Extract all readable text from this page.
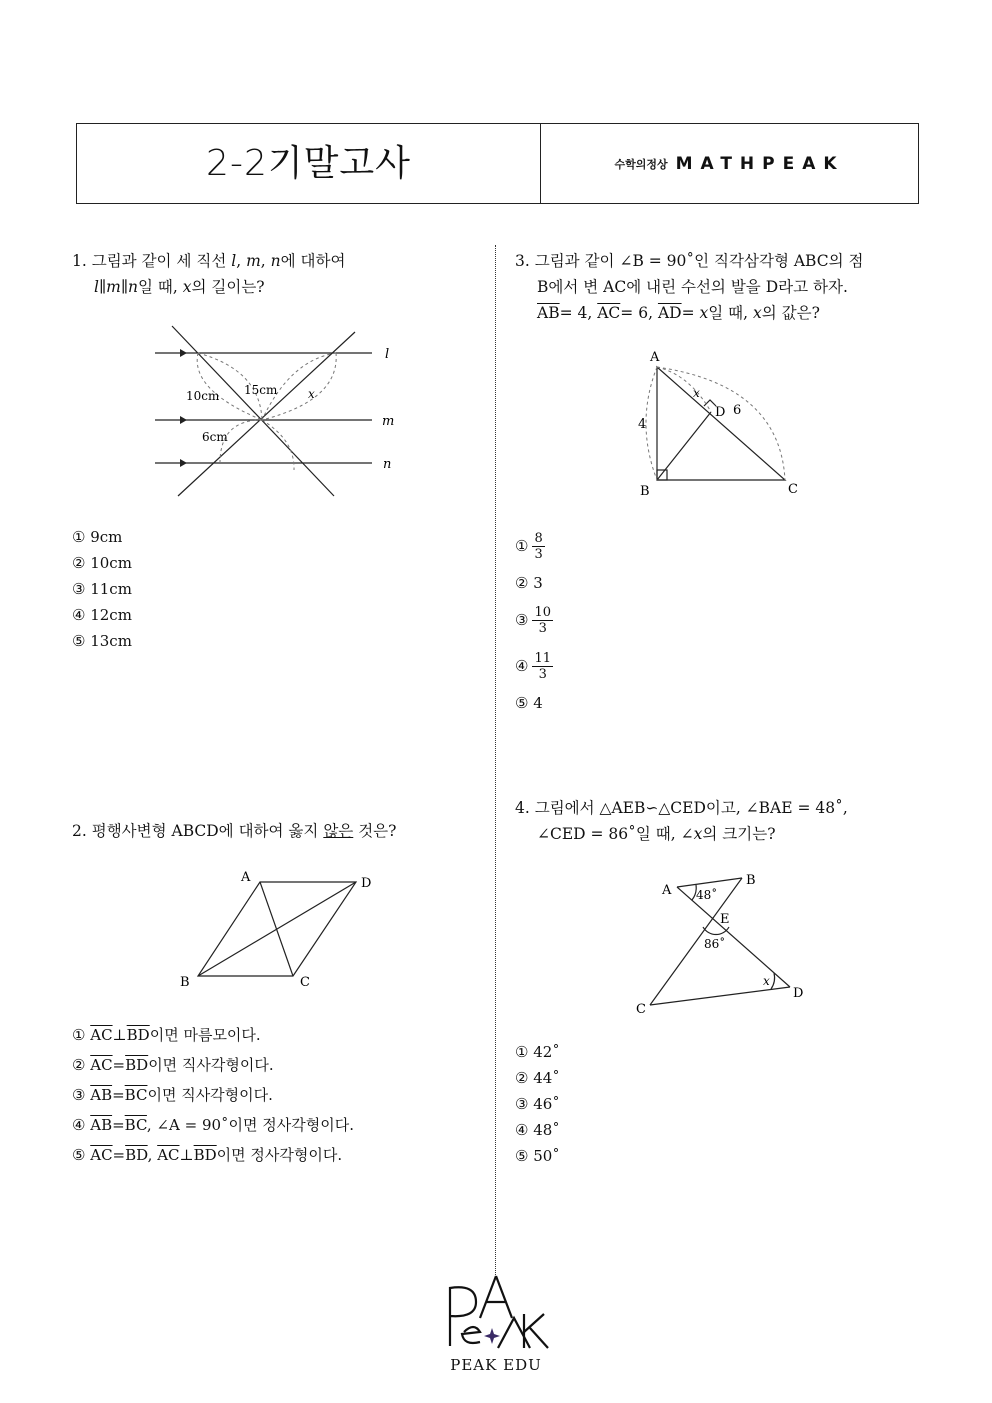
2-2기말고사	수학의정상 MATHPEAK
1. 그림과 같이 세 직선 l, m, n에 대하여
l∥m∥n일 때, x의 길이는?
l
m
n
10cm 15cm	x
6cm
① 9cm
② 10cm
③ 11cm
④ 12cm
⑤ 13cm
2. 평행사변형 ABCD에 대하여 옳지 않은 것은?
A	D
B	C
① $\overline{AC}\perp\overline{BD}$이면 마름모이다.
② $\overline{AC}=\overline{BD}$이면 직사각형이다.
③ $\overline{AB}=\overline{BC}$이면 직사각형이다.
④ $\overline{AB}=\overline{BC}$, ∠A = 90˚이면 정사각형이다.
⑤ $\overline{AC}=\overline{BD}$, $\overline{AC}\perp\overline{BD}$이면 정사각형이다.
3. 그림과 같이 ∠B = 90˚인 직각삼각형 ABC의 점
B에서 변 AC에 내린 수선의 발을 D라고 하자.
$\overline{AB}= 4$, $\overline{AC}= 6$, $\overline{AD}= x$일 때, x의 값은?
A
B	C
D
4
6
x
① $\frac{8}{3}$
②
3
③ $\frac{10}{3}$
④ $\frac{11}{3}$
⑤
4
4. 그림에서 △AEB∽△CED이고, ∠BAE = 48˚,
∠CED = 86˚일 때, ∠x의 크기는?
A
B
E
C
D
48˚
86˚
x
① 42˚
② 44˚
③ 46˚
④ 48˚
⑤ 50˚
PEAK EDU
